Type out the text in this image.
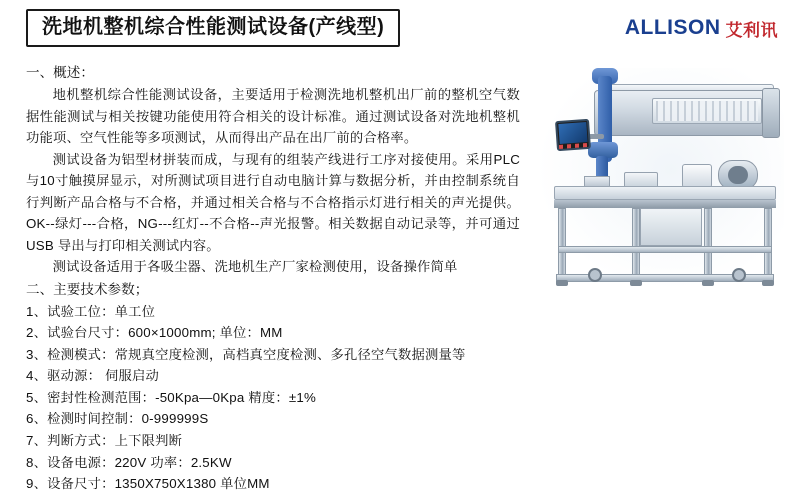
洗地机整机综合性能测试设备(产线型)	ALLISON 艾利讯

一、概述：

地机整机综合性能测试设备，主要适用于检测洗地机整机出厂前的整机空气数据性能测试与相关按键功能使用符合相关的设计标准。通过测试设备对洗地机整机功能项、空气性能等多项测试，从而得出产品在出厂前的合格率。

测试设备为铝型材拼装而成，与现有的组装产线进行工序对接使用。采用PLC与10寸触摸屏显示，对所测试项目进行自动电脑计算与数据分析，并由控制系统自行判断产品合格与不合格，并通过相关合格与不合格指示灯进行相关的声光提供。OK--绿灯---合格，NG---红灯--不合格--声光报警。相关数据自动记录等，并可通过 USB 导出与打印相关测试内容。

测试设备适用于各吸尘器、洗地机生产厂家检测使用，设备操作简单

二、主要技术参数；

1、试验工位：单工位

2、试验台尺寸：600×1000mm; 单位：MM

3、检测模式：常规真空度检测，高档真空度检测、多孔径空气数据测量等

4、驱动源： 伺服启动

5、密封性检测范围：-50Kpa—0Kpa 精度：±1%

6、检测时间控制：0-999999S

7、判断方式：上下限判断

8、设备电源：220V 功率：2.5KW

9、设备尺寸：1350X750X1380 单位MM
